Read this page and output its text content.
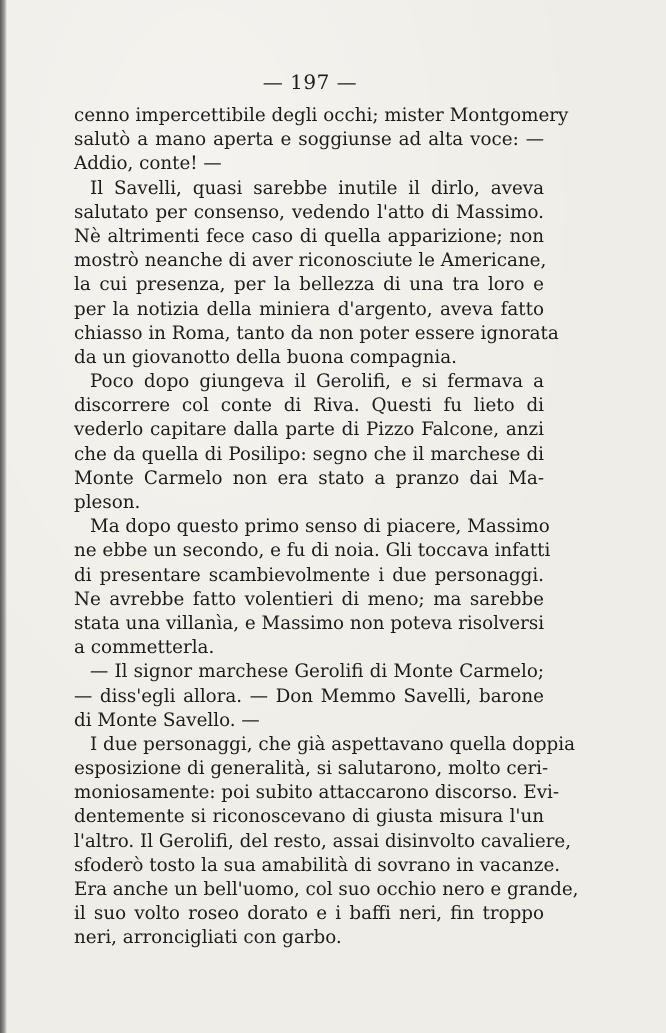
— 197 —
cenno impercettibile degli occhi; mister Montgomery
salutò a mano aperta e soggiunse ad alta voce: —
Addio, conte! —
Il Savelli, quasi sarebbe inutile il dirlo, aveva
salutato per consenso, vedendo l'atto di Massimo.
Nè altrimenti fece caso di quella apparizione; non
mostrò neanche di aver riconosciute le Americane,
la cui presenza, per la bellezza di una tra loro e
per la notizia della miniera d'argento, aveva fatto
chiasso in Roma, tanto da non poter essere ignorata
da un giovanotto della buona compagnia.
Poco dopo giungeva il Gerolifi, e si fermava a
discorrere col conte di Riva. Questi fu lieto di
vederlo capitare dalla parte di Pizzo Falcone, anzi
che da quella di Posilipo: segno che il marchese di
Monte Carmelo non era stato a pranzo dai Ma-
pleson.
Ma dopo questo primo senso di piacere, Massimo
ne ebbe un secondo, e fu di noia. Gli toccava infatti
di presentare scambievolmente i due personaggi.
Ne avrebbe fatto volentieri di meno; ma sarebbe
stata una villanìa, e Massimo non poteva risolversi
a commetterla.
— Il signor marchese Gerolifi di Monte Carmelo;
— diss'egli allora. — Don Memmo Savelli, barone
di Monte Savello. —
I due personaggi, che già aspettavano quella doppia
esposizione di generalità, si salutarono, molto ceri-
moniosamente: poi subito attaccarono discorso. Evi-
dentemente si riconoscevano di giusta misura l'un
l'altro. Il Gerolifi, del resto, assai disinvolto cavaliere,
sfoderò tosto la sua amabilità di sovrano in vacanze.
Era anche un bell'uomo, col suo occhio nero e grande,
il suo volto roseo dorato e i baffi neri, fin troppo
neri, arroncigliati con garbo.
